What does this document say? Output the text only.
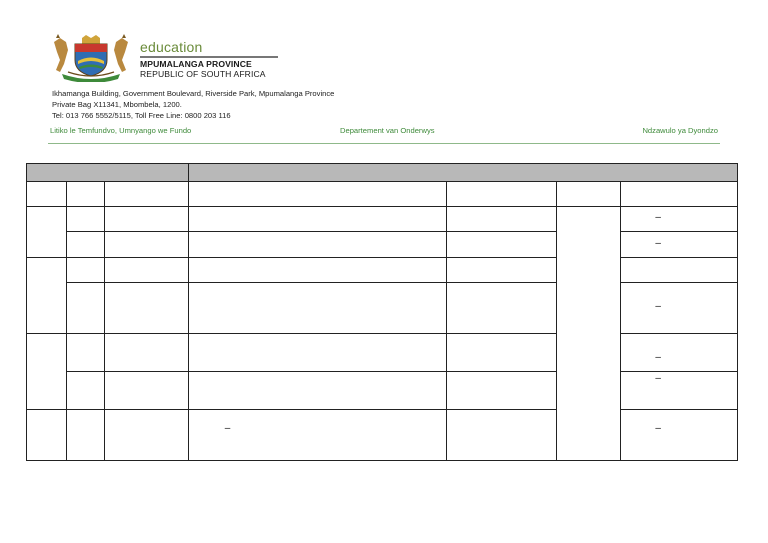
education
MPUMALANGA PROVINCE
REPUBLIC OF SOUTH AFRICA
Ikhamanga Building, Government Boulevard, Riverside Park, Mpumalanga Province
Private Bag X11341, Mbombela, 1200.
Tel: 013 766 5552/5115, Toll Free Line: 0800 203 116
Litiko le Temfundvo, Umnyango we Fundo	Departement van Onderwys	Ndzawulo ya Dyondzo

						–

						–

						–

						–

						–

			–			–
